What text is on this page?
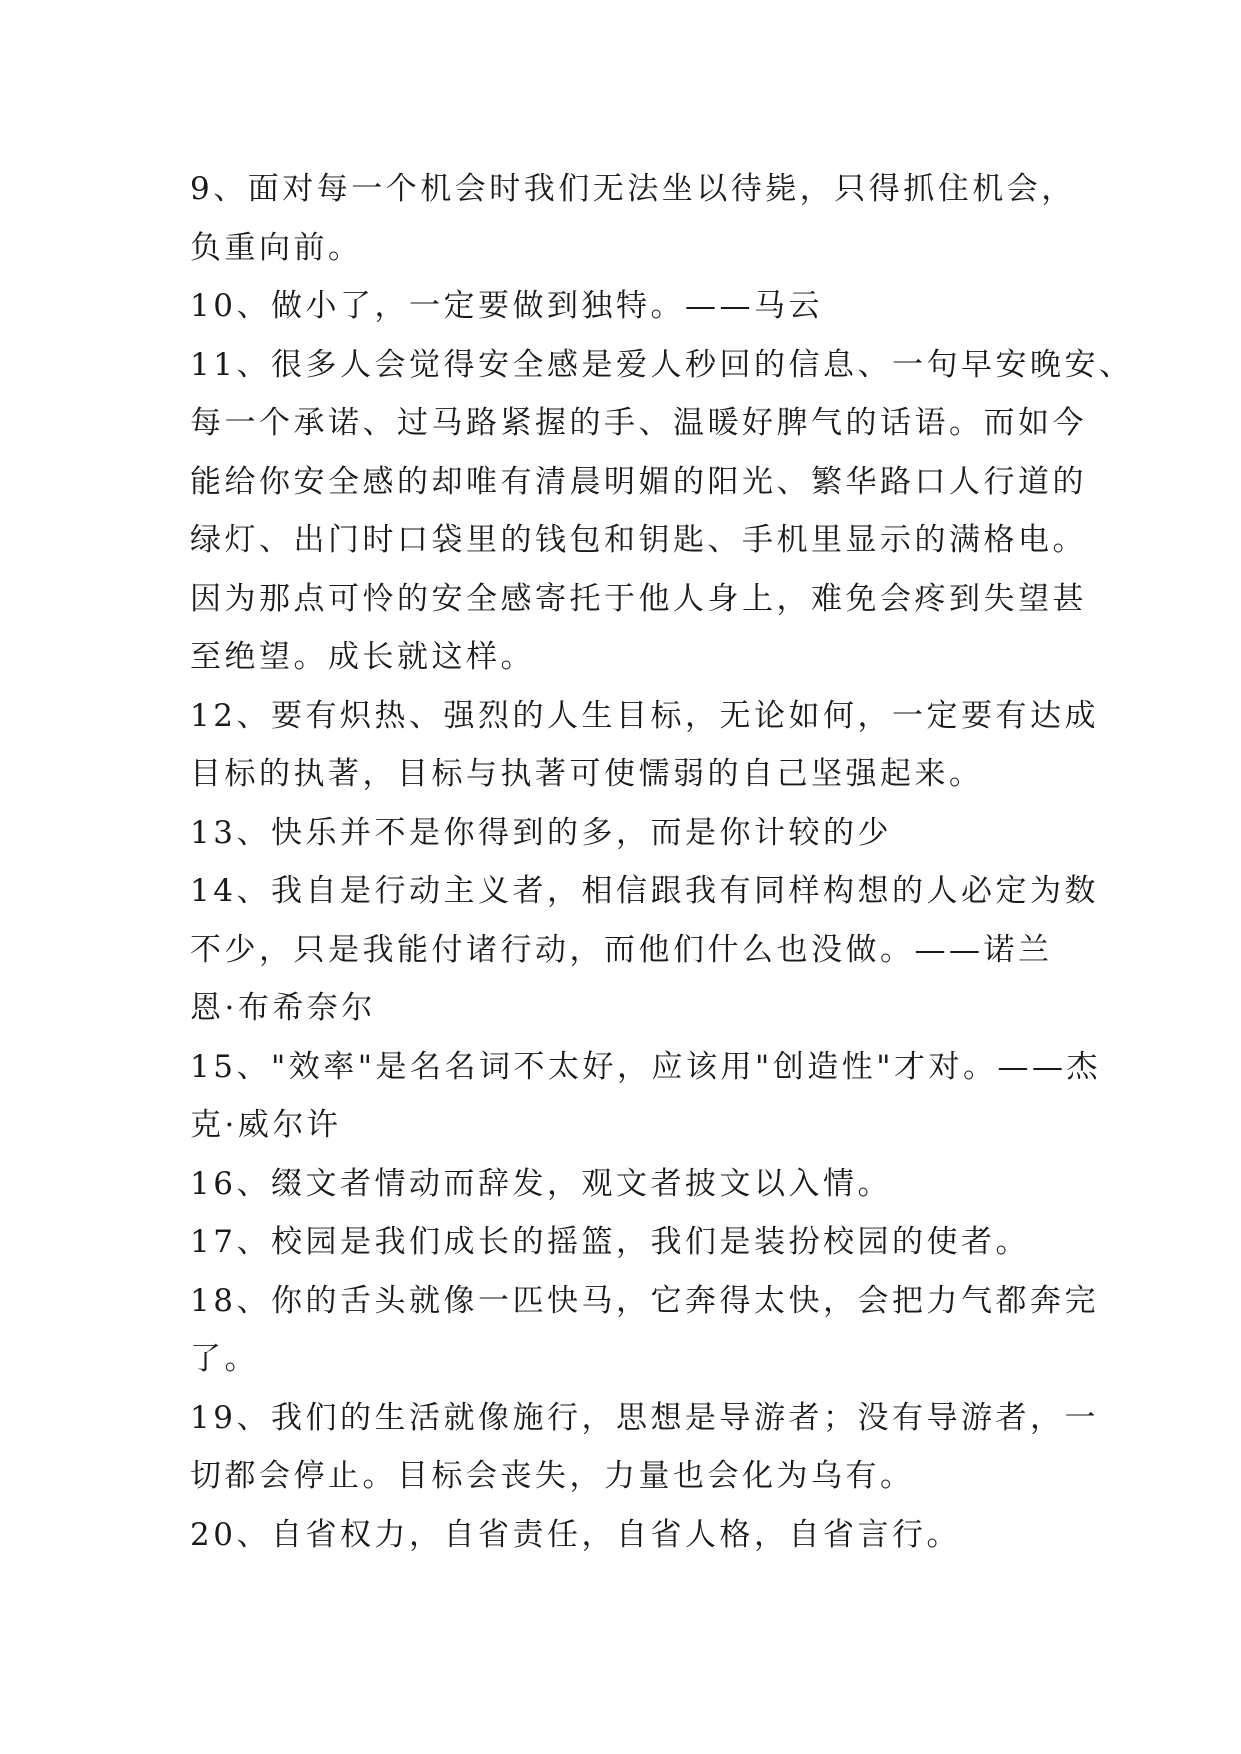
9、面对每一个机会时我们无法坐以待毙，只得抓住机会，
负重向前。
10、做小了，一定要做到独特。——马云
11、很多人会觉得安全感是爱人秒回的信息、一句早安晚安、
每一个承诺、过马路紧握的手、温暖好脾气的话语。而如今
能给你安全感的却唯有清晨明媚的阳光、繁华路口人行道的
绿灯、出门时口袋里的钱包和钥匙、手机里显示的满格电。
因为那点可怜的安全感寄托于他人身上，难免会疼到失望甚
至绝望。成长就这样。
12、要有炽热、强烈的人生目标，无论如何，一定要有达成
目标的执著，目标与执著可使懦弱的自己坚强起来。
13、快乐并不是你得到的多，而是你计较的少
14、我自是行动主义者，相信跟我有同样构想的人必定为数
不少，只是我能付诸行动，而他们什么也没做。——诺兰
恩·布希奈尔
15、"效率"是名名词不太好，应该用"创造性"才对。——杰
克·威尔许
16、缀文者情动而辞发，观文者披文以入情。
17、校园是我们成长的摇篮，我们是装扮校园的使者。
18、你的舌头就像一匹快马，它奔得太快，会把力气都奔完
了。
19、我们的生活就像施行，思想是导游者；没有导游者，一
切都会停止。目标会丧失，力量也会化为乌有。
20、自省权力，自省责任，自省人格，自省言行。
